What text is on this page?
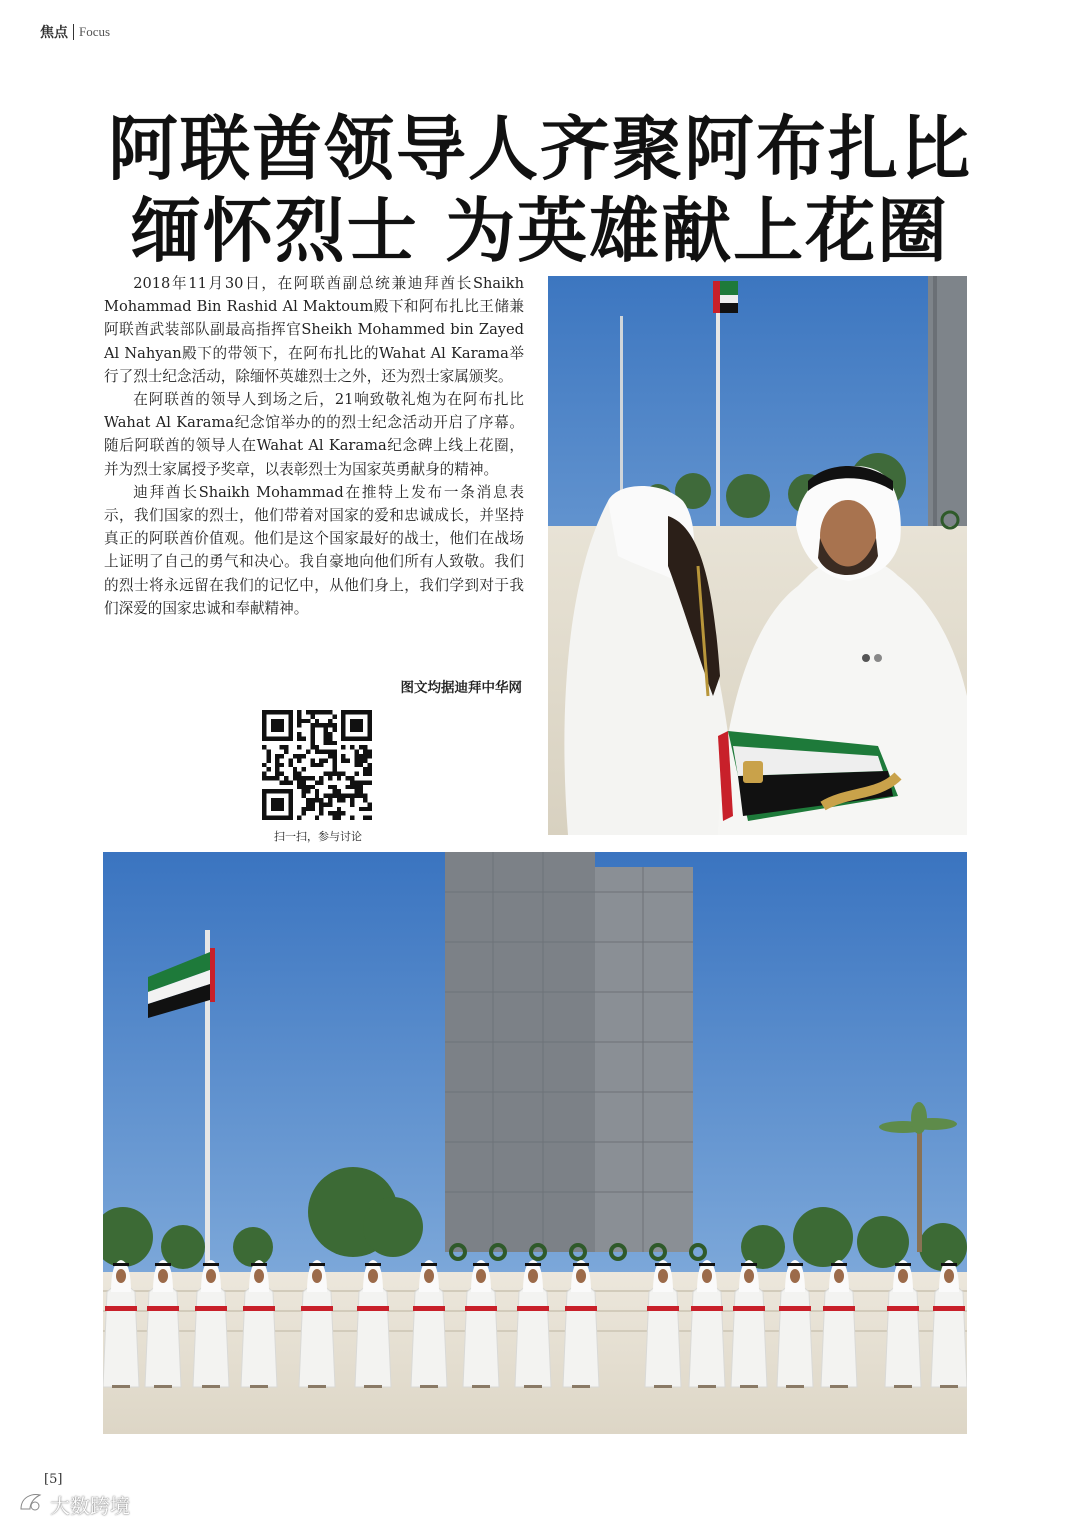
焦点 Focus
阿联酋领导人齐聚阿布扎比
缅怀烈士 为英雄献上花圈

2018年11月30日，在阿联酋副总统兼迪拜酋长Shaikh Mohammad Bin Rashid Al Maktoum殿下和阿布扎比王储兼阿联酋武装部队副最高指挥官Sheikh Mohammed bin Zayed Al Nahyan殿下的带领下，在阿布扎比的Wahat Al Karama举行了烈士纪念活动，除缅怀英雄烈士之外，还为烈士家属颁奖。

在阿联酋的领导人到场之后，21响致敬礼炮为在阿布扎比Wahat Al Karama纪念馆举办的的烈士纪念活动开启了序幕。随后阿联酋的领导人在Wahat Al Karama纪念碑上线上花圈，并为烈士家属授予奖章，以表彰烈士为国家英勇献身的精神。

迪拜酋长Shaikh Mohammad在推特上发布一条消息表示，我们国家的烈士，他们带着对国家的爱和忠诚成长，并坚持真正的阿联酋价值观。他们是这个国家最好的战士，他们在战场上证明了自己的勇气和决心。我自豪地向他们所有人致敬。我们的烈士将永远留在我们的记忆中，从他们身上，我们学到对于我们深爱的国家忠诚和奉献精神。

图文均据迪拜中华网
扫一扫，参与讨论
[5]
大数跨境
